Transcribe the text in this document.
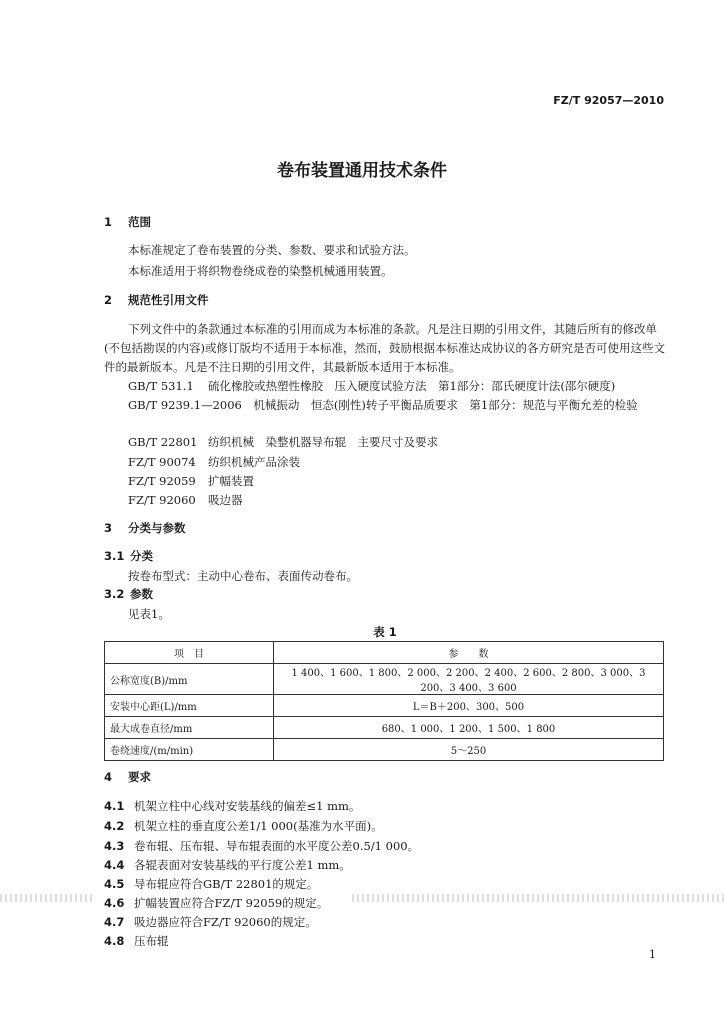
FZ/T 92057—2010
卷布装置通用技术条件
1 范围
本标准规定了卷布装置的分类、参数、要求和试验方法。
本标准适用于将织物卷绕成卷的染整机械通用装置。
2 规范性引用文件
下列文件中的条款通过本标准的引用而成为本标准的条款。凡是注日期的引用文件，其随后所有的修改单(不包括勘误的内容)或修订版均不适用于本标准，然而，鼓励根据本标准达成协议的各方研究是否可使用这些文件的最新版本。凡是不注日期的引用文件，其最新版本适用于本标准。
GB/T 531.1 硫化橡胶或热塑性橡胶　压入硬度试验方法　第1部分：邵氏硬度计法(邵尔硬度)
GB/T 9239.1—2006　 机械振动　恒态(刚性)转子平衡品质要求　第1部分：规范与平衡允差的检验
GB/T 22801 纺织机械　染整机器导布辊　主要尺寸及要求
FZ/T 90074 纺织机械产品涂装
FZ/T 92059 扩幅装置
FZ/T 92060 吸边器
3 分类与参数
3.1 分类
按卷布型式：主动中心卷布、表面传动卷布。
3.2 参数
见表1。
表 1
项　目	参　　数
公称宽度(B)/mm	1 400、1 600、1 800、2 000、2 200、2 400、2 600、2 800、3 000、3 200、3 400、3 600
安装中心距(L)/mm	L＝B＋200、300、500
最大成卷直径/mm	680、1 000、1 200、1 500、1 800
卷绕速度/(m/min)	5～250
4 要求
4.1 机架立柱中心线对安装基线的偏差≤1 mm。
4.2 机架立柱的垂直度公差1/1 000(基准为水平面)。
4.3 卷布辊、压布辊、导布辊表面的水平度公差0.5/1 000。
4.4 各辊表面对安装基线的平行度公差1 mm。
4.5 导布辊应符合GB/T 22801的规定。
4.6 扩幅装置应符合FZ/T 92059的规定。
4.7 吸边器应符合FZ/T 92060的规定。
4.8 压布辊
1
